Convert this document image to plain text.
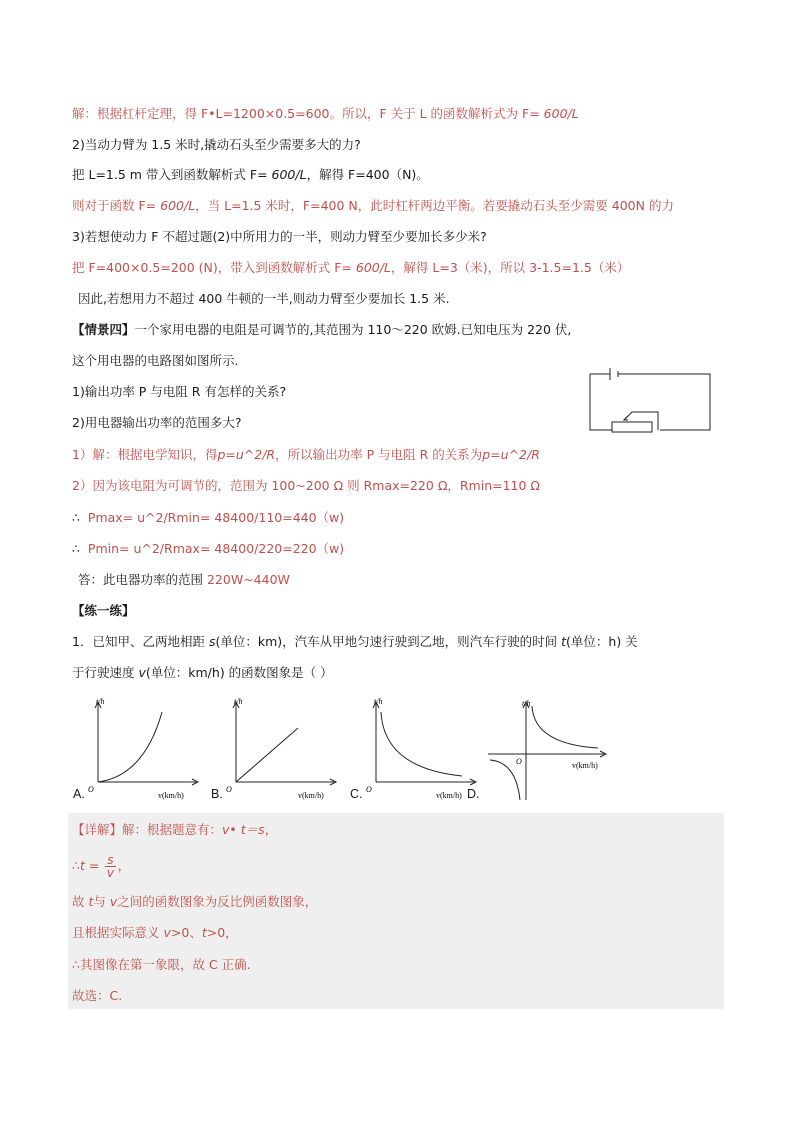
解：根据杠杆定理，得 F•L=1200×0.5=600。所以，F 关于 L 的函数解析式为 F= 600/L
2)当动力臂为 1.5 米时,撬动石头至少需要多大的力?
把 L=1.5 m 带入到函数解析式 F= 600/L，解得 F=400（N)。
则对于函数 F= 600/L，当 L=1.5 米时，F=400 N，此时杠杆两边平衡。若要撬动石头至少需要 400N 的力
3)若想使动力 F 不超过题(2)中所用力的一半，则动力臂至少要加长多少米?
把 F=400×0.5=200 (N)，带入到函数解析式 F= 600/L，解得 L=3（米)，所以 3-1.5=1.5（米）
因此,若想用力不超过 400 牛顿的一半,则动力臂至少要加长 1.5 米.
【情景四】一个家用电器的电阻是可调节的,其范围为 110～220 欧姆.已知电压为 220 伏,
这个用电器的电路图如图所示.
1)输出功率 P 与电阻 R 有怎样的关系?
2)用电器输出功率的范围多大?
1）解：根据电学知识，得p=u^2/R，所以输出功率 P 与电阻 R 的关系为p=u^2/R
2）因为该电阻为可调节的，范围为 100~200 Ω 则 Rmax=220 Ω，Rmin=110 Ω
∴ Pmax= u^2/Rmin= 48400/110=440（w)
∴ Pmin= u^2/Rmax= 48400/220=220（w)
答：此电器功率的范围 220W~440W
【练一练】
1．已知甲、乙两地相距 s(单位：km)，汽车从甲地匀速行驶到乙地，则汽车行驶的时间 t(单位：h) 关
于行驶速度 v(单位：km/h) 的函数图象是（ ）
t/h
O
v(km/h)
t/h
O
v(km/h)
t/h
O
v(km/h)
t/h
O	v(km/h)
A.	B.	C.	D.
【详解】解：根据题意有：v• t＝s，
∴t = $\frac{s}{v}$ ，
故 t与 v之间的函数图象为反比例函数图象，
且根据实际意义 v>0、t>0，
∴其图像在第一象限，故 C 正确.
故选：C.
